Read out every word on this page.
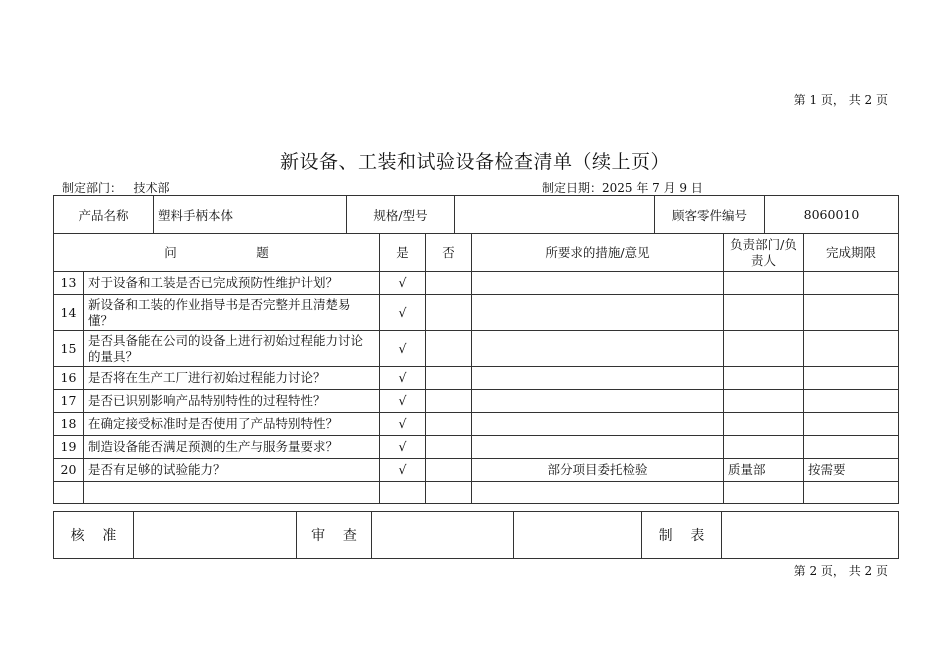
第 1 页， 共 2 页
新设备、工装和试验设备检查清单（续上页）
制定部门： 技术部	制定日期：2025 年 7 月 9 日
产品名称	塑料手柄本体	规格/型号		顾客零件编号	8060010
问                    题		是	否	所要求的措施/意见	负责部门/负责人	完成期限
13	对于设备和工装是否已完成预防性维护计划？	√				
14	新设备和工装的作业指导书是否完整并且清楚易懂？	√				
15	是否具备能在公司的设备上进行初始过程能力讨论的量具？	√				
16	是否将在生产工厂进行初始过程能力讨论？	√				
17	是否已识别影响产品特别特性的过程特性？	√				
18	在确定接受标准时是否使用了产品特别特性？	√				
19	制造设备能否满足预测的生产与服务量要求？	√				
20	是否有足够的试验能力？	√		部分项目委托检验	质量部	按需要

核    准		审    查			制    表	
第 2 页， 共 2 页
